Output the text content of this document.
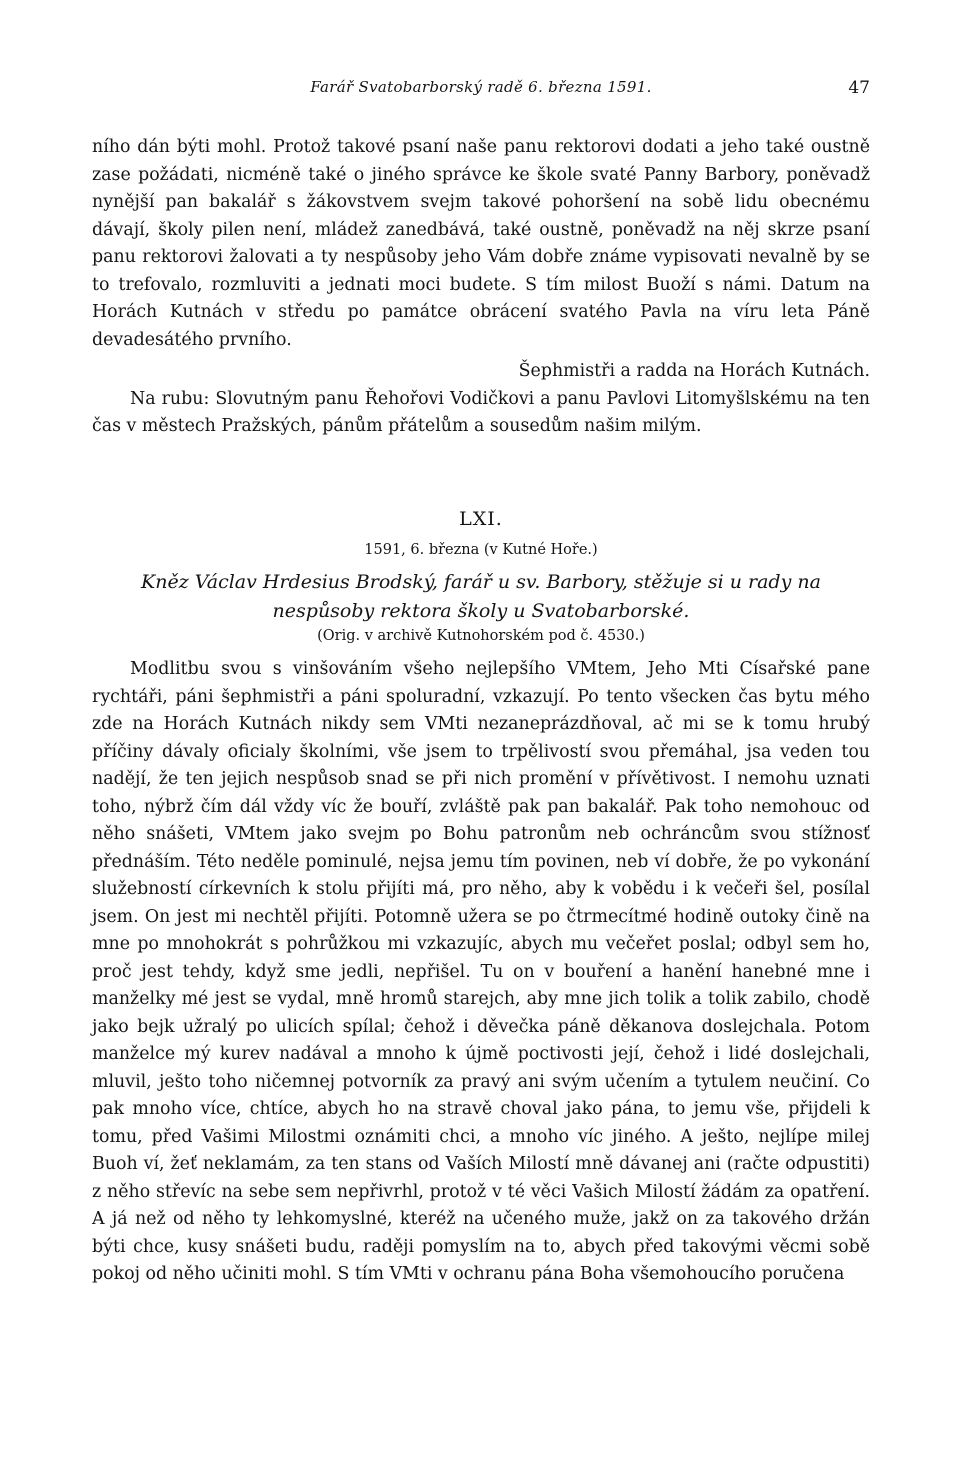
Farář Svatobarborský radě 6. března 1591.	47

ního dán býti mohl. Protož takové psaní naše panu rektorovi dodati a jeho také oustně zase požádati, nicméně také o jiného správce ke škole svaté Panny Barbory, poněvadž nynější pan bakalář s žákovstvem svejm takové pohoršení na sobě lidu obecnému dávají, školy pilen není, mládež zanedbává, také oustně, poněvadž na něj skrze psaní panu rektorovi žalovati a ty nespůsoby jeho Vám dobře známe vypisovati nevalně by se to trefovalo, rozmluviti a jednati moci budete. S tím milost Buoží s námi. Datum na Horách Kutnách v středu po památce obrácení svatého Pavla na víru leta Páně devadesátého prvního.

Šephmistři a radda na Horách Kutnách.

Na rubu: Slovutným panu Řehořovi Vodičkovi a panu Pavlovi Litomyšlskému na ten čas v městech Pražských, pánům přátelům a sousedům našim milým.

LXI.
1591, 6. března (v Kutné Hoře.)
Kněz Václav Hrdesius Brodský, farář u sv. Barbory, stěžuje si u rady na nespůsoby rektora školy u Svatobarborské.
(Orig. v archivě Kutnohorském pod č. 4530.)

Modlitbu svou s vinšováním všeho nejlepšího VMtem, Jeho Mti Císařské pane rychtáři, páni šephmistři a páni spoluradní, vzkazují. Po tento všecken čas bytu mého zde na Horách Kutnách nikdy sem VMti nezaneprázdňoval, ač mi se k tomu hrubý příčiny dávaly oficialy školními, vše jsem to trpělivostí svou přemáhal, jsa veden tou nadějí, že ten jejich nespůsob snad se při nich promění v přívětivost. I nemohu uznati toho, nýbrž čím dál vždy víc že bouří, zvláště pak pan bakalář. Pak toho nemohouc od něho snášeti, VMtem jako svejm po Bohu patronům neb ochráncům svou stížnosť přednáším. Této neděle pominulé, nejsa jemu tím povinen, neb ví dobře, že po vykonání služebností církevních k stolu přijíti má, pro něho, aby k vobědu i k večeři šel, posílal jsem. On jest mi nechtěl přijíti. Potomně užera se po čtrmecítmé hodině outoky čině na mne po mnohokrát s pohrůžkou mi vzkazujíc, abych mu večeřet poslal; odbyl sem ho, proč jest tehdy, když sme jedli, nepřišel. Tu on v bouření a hanění hanebné mne i manželky mé jest se vydal, mně hromů starejch, aby mne jich tolik a tolik zabilo, chodě jako bejk užralý po ulicích spílal; čehož i děvečka páně děkanova doslejchala. Potom manželce mý kurev nadával a mnoho k újmě poctivosti její, čehož i lidé doslejchali, mluvil, ješto toho ničemnej potvorník za pravý ani svým učením a tytulem neučiní. Co pak mnoho více, chtíce, abych ho na stravě choval jako pána, to jemu vše, přijdeli k tomu, před Vašimi Milostmi oznámiti chci, a mnoho víc jiného. A ješto, nejlípe milej Buoh ví, žeť neklamám, za ten stans od Vaších Milostí mně dávanej ani (račte odpustiti) z něho střevíc na sebe sem nepřivrhl, protož v té věci Vašich Milostí žádám za opatření. A já než od něho ty lehkomyslné, kteréž na učeného muže, jakž on za takového držán býti chce, kusy snášeti budu, raději pomyslím na to, abych před takovými věcmi sobě pokoj od něho učiniti mohl. S tím VMti v ochranu pána Boha všemohoucího poručena
